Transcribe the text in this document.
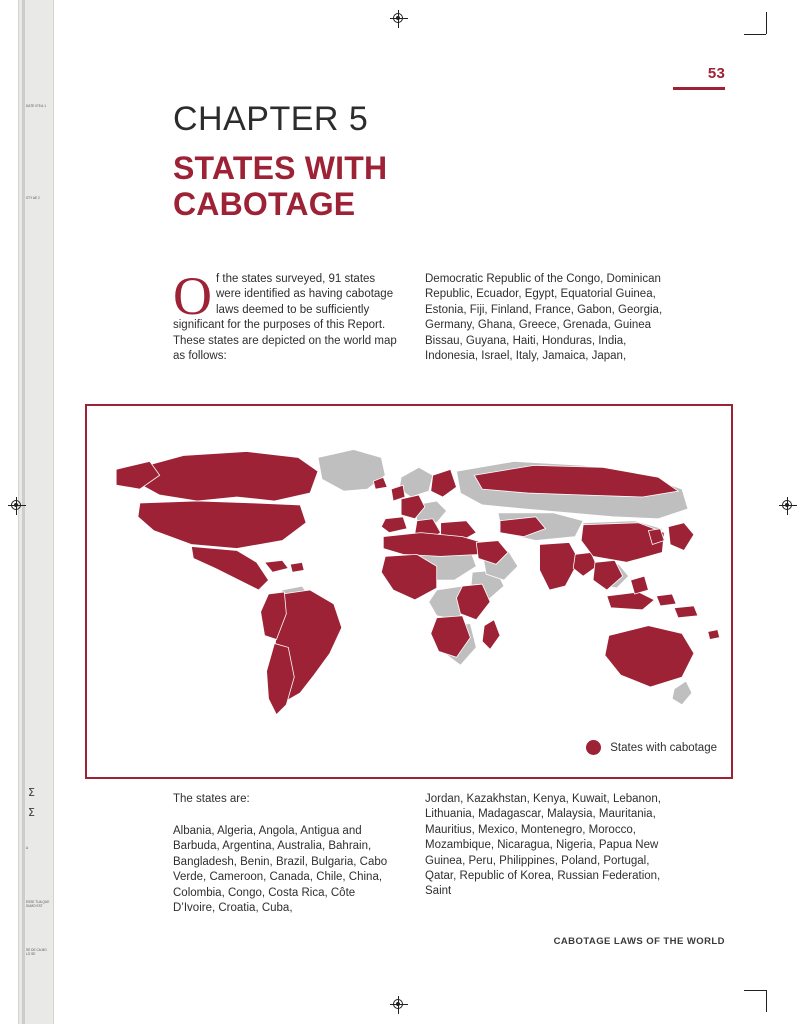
DATE 075 A.1
STY AE 2
Σ
Σ
A
ESSE TUA QUE SUMO EST
SE DE CA MO LO SE
53
CHAPTER 5
STATES WITH CABOTAGE
O f the states surveyed, 91 states were identified as having cabotage laws deemed to be sufficiently significant for the purposes of this Report. These states are depicted on the world map as follows:
Democratic Republic of the Congo, Dominican Republic, Ecuador, Egypt, Equatorial Guinea, Estonia, Fiji, Finland, France, Gabon, Georgia, Germany, Ghana, Greece, Grenada, Guinea Bissau, Guyana, Haiti, Honduras, India, Indonesia, Israel, Italy, Jamaica, Japan,
States with cabotage
The states are:
Albania, Algeria, Angola, Antigua and Barbuda, Argentina, Australia, Bahrain, Bangladesh, Benin, Brazil, Bulgaria, Cabo Verde, Cameroon, Canada, Chile, China, Colombia, Congo, Costa Rica, Côte D’Ivoire, Croatia, Cuba,
Jordan, Kazakhstan, Kenya, Kuwait, Lebanon, Lithuania, Madagascar, Malaysia, Mauritania, Mauritius, Mexico, Montenegro, Morocco, Mozambique, Nicaragua, Nigeria, Papua New Guinea, Peru, Philippines, Poland, Portugal, Qatar, Republic of Korea, Russian Federation, Saint
CABOTAGE LAWS OF THE WORLD
